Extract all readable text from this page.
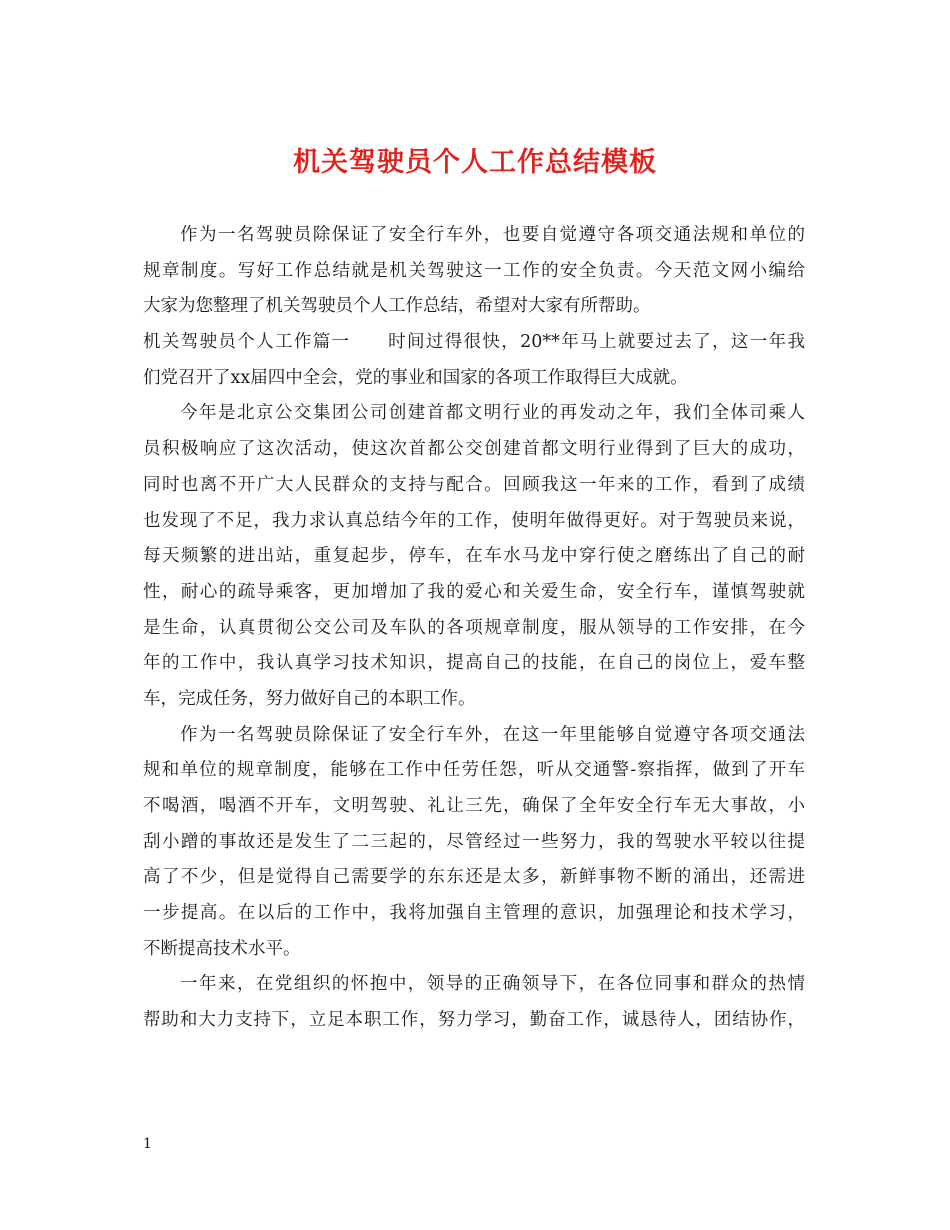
机关驾驶员个人工作总结模板
作为一名驾驶员除保证了安全行车外，也要自觉遵守各项交通法规和单位的
规章制度。写好工作总结就是机关驾驶这一工作的安全负责。今天范文网小编给
大家为您整理了机关驾驶员个人工作总结，希望对大家有所帮助。
机关驾驶员个人工作篇一　　时间过得很快，20**年马上就要过去了，这一年我
们党召开了xx届四中全会，党的事业和国家的各项工作取得巨大成就。
今年是北京公交集团公司创建首都文明行业的再发动之年，我们全体司乘人
员积极响应了这次活动，使这次首都公交创建首都文明行业得到了巨大的成功，
同时也离不开广大人民群众的支持与配合。回顾我这一年来的工作，看到了成绩
也发现了不足，我力求认真总结今年的工作，使明年做得更好。对于驾驶员来说，
每天频繁的进出站，重复起步，停车，在车水马龙中穿行使之磨练出了自己的耐
性，耐心的疏导乘客，更加增加了我的爱心和关爱生命，安全行车，谨慎驾驶就
是生命，认真贯彻公交公司及车队的各项规章制度，服从领导的工作安排，在今
年的工作中，我认真学习技术知识，提高自己的技能，在自己的岗位上，爱车整
车，完成任务，努力做好自己的本职工作。
作为一名驾驶员除保证了安全行车外，在这一年里能够自觉遵守各项交通法
规和单位的规章制度，能够在工作中任劳任怨，听从交通警-察指挥，做到了开车
不喝酒，喝酒不开车，文明驾驶、礼让三先，确保了全年安全行车无大事故，小
刮小蹭的事故还是发生了二三起的，尽管经过一些努力，我的驾驶水平较以往提
高了不少，但是觉得自己需要学的东东还是太多，新鲜事物不断的涌出，还需进
一步提高。在以后的工作中，我将加强自主管理的意识，加强理论和技术学习，
不断提高技术水平。
一年来，在党组织的怀抱中，领导的正确领导下，在各位同事和群众的热情
帮助和大力支持下，立足本职工作，努力学习，勤奋工作，诚恳待人，团结协作，
1
